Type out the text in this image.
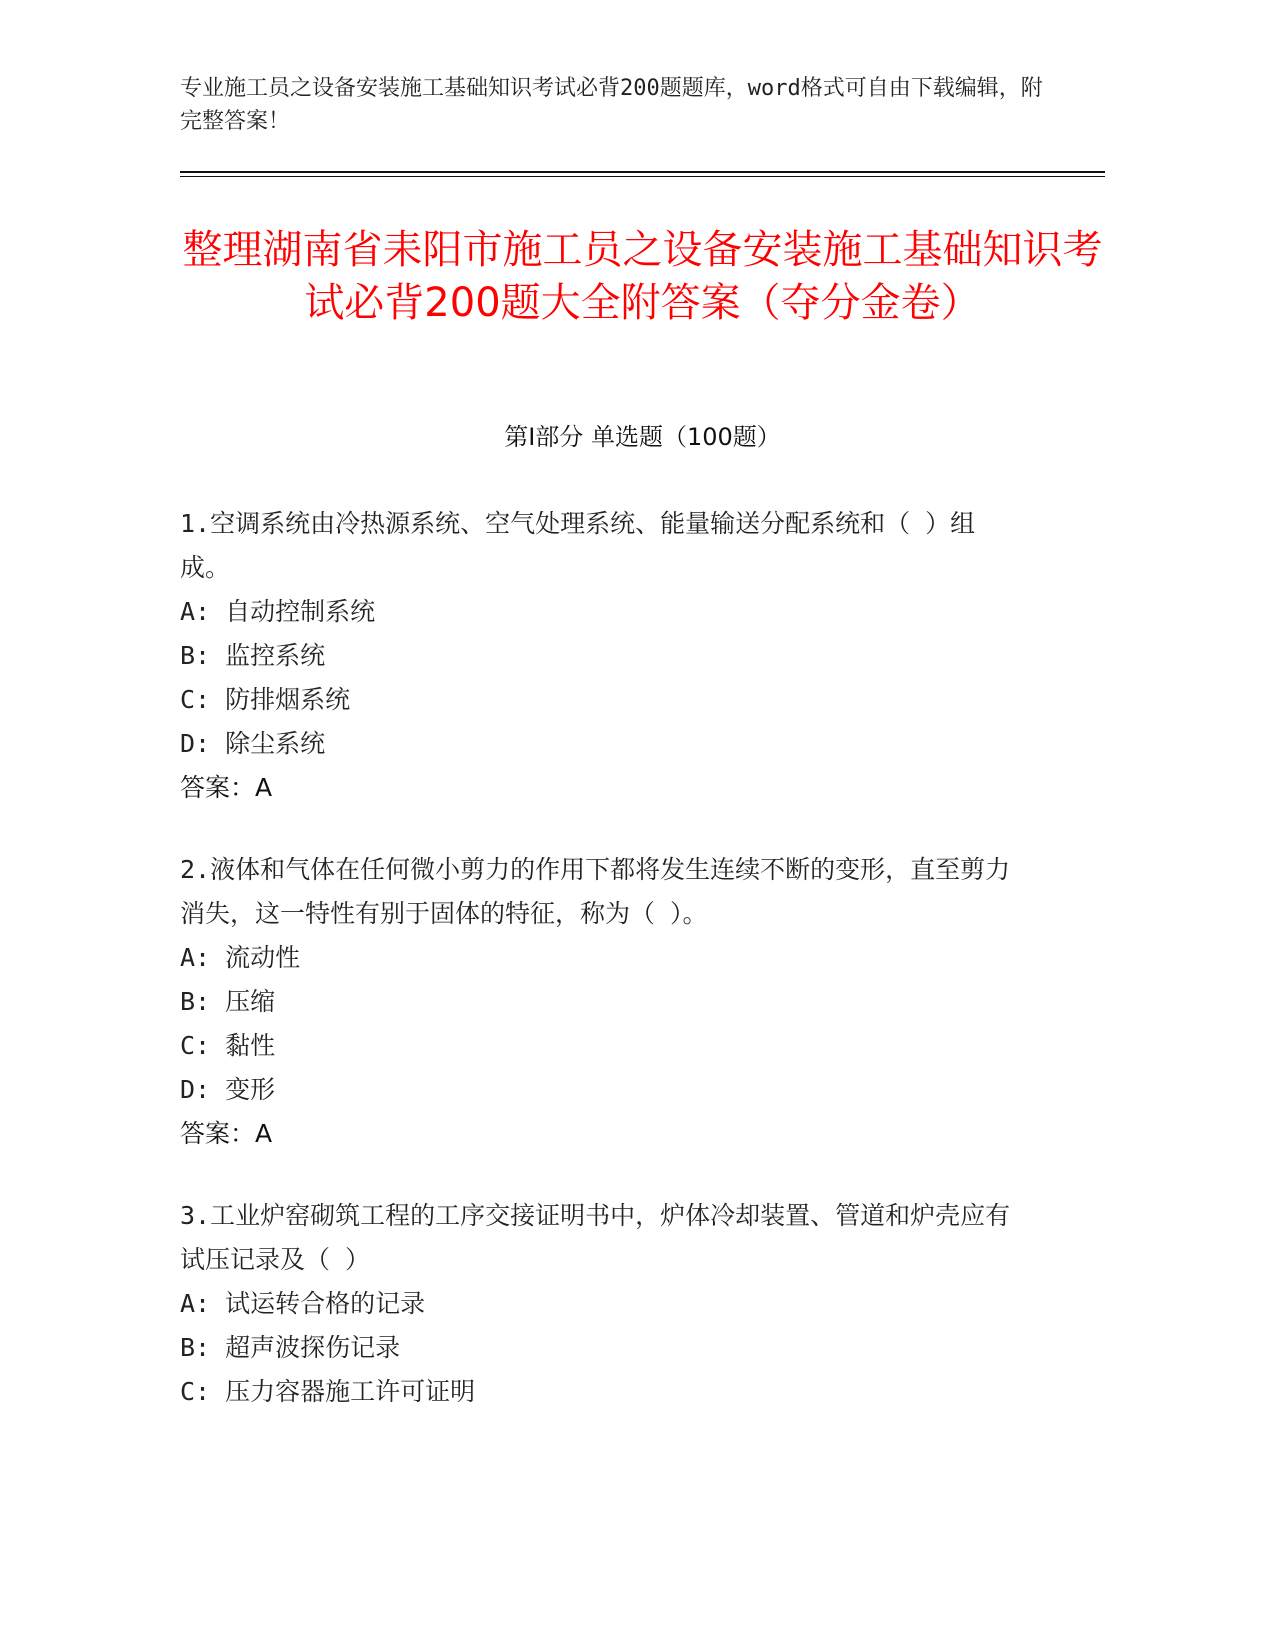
专业施工员之设备安装施工基础知识考试必背200题题库，word格式可自由下载编辑，附完整答案！
整理湖南省耒阳市施工员之设备安装施工基础知识考试必背200题大全附答案（夺分金卷）
第Ⅰ部分 单选题（100题）

1.空调系统由冷热源系统、空气处理系统、能量输送分配系统和（ ）组成。

A: 自动控制系统

B: 监控系统

C: 防排烟系统

D: 除尘系统

答案：A

2.液体和气体在任何微小剪力的作用下都将发生连续不断的变形，直至剪力消失，这一特性有别于固体的特征，称为（ ）。

A: 流动性

B: 压缩

C: 黏性

D: 变形

答案：A

3.工业炉窑砌筑工程的工序交接证明书中，炉体冷却装置、管道和炉壳应有试压记录及（ ）

A: 试运转合格的记录

B: 超声波探伤记录

C: 压力容器施工许可证明
